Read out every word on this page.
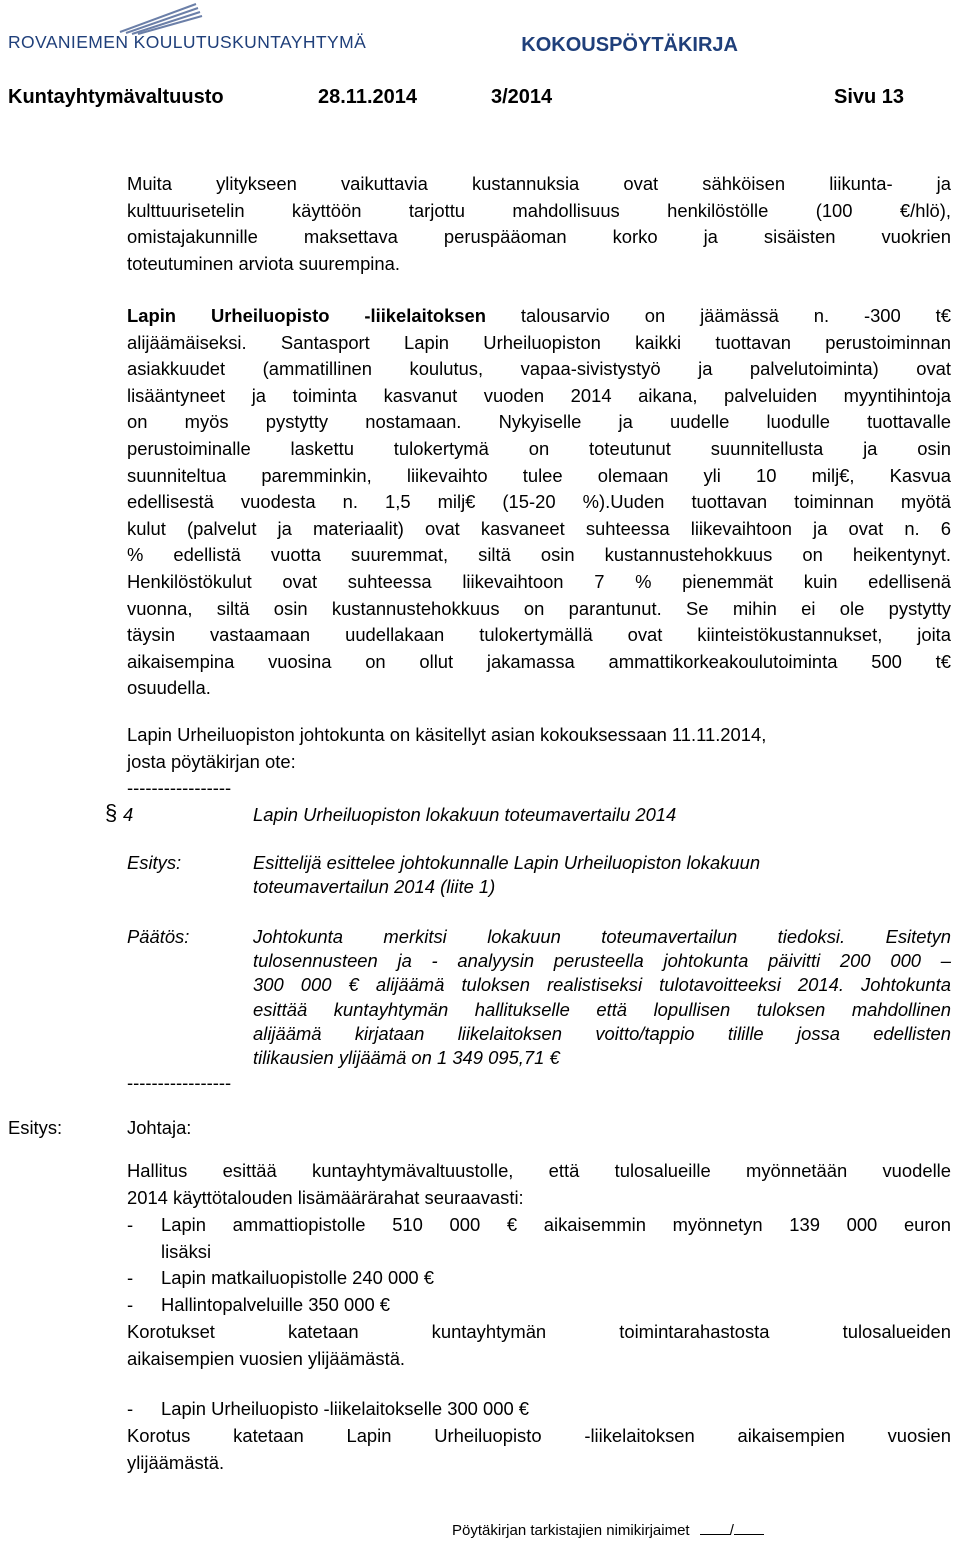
ROVANIEMEN KOULUTUSKUNTAYHTYMÄ	KOKOUSPÖYTÄKIRJA
Kuntayhtymävaltuusto	28.11.2014	3/2014	Sivu 13
Muita ylitykseen vaikuttavia kustannuksia ovat sähköisen liikunta- ja
kulttuurisetelin käyttöön tarjottu mahdollisuus henkilöstölle (100 €/hlö),
omistajakunnille maksettava peruspääoman korko ja sisäisten vuokrien
toteutuminen arviota suurempina.
Lapin Urheiluopisto -liikelaitoksen talousarvio on jäämässä n. -300 t€
alijäämäiseksi. Santasport Lapin Urheiluopiston kaikki tuottavan perustoiminnan
asiakkuudet (ammatillinen koulutus, vapaa-sivistystyö ja palvelutoiminta) ovat
lisääntyneet ja toiminta kasvanut vuoden 2014 aikana, palveluiden myyntihintoja
on myös pystytty nostamaan. Nykyiselle ja uudelle luodulle tuottavalle
perustoiminalle laskettu tulokertymä on toteutunut suunnitellusta ja osin
suunniteltua paremminkin, liikevaihto tulee olemaan yli 10 milj€, Kasvua
edellisestä vuodesta n. 1,5 milj€ (15-20 %).Uuden tuottavan toiminnan myötä
kulut (palvelut ja materiaalit) ovat kasvaneet suhteessa liikevaihtoon ja ovat n. 6
% edellistä vuotta suuremmat, siltä osin kustannustehokkuus on heikentynyt.
Henkilöstökulut ovat suhteessa liikevaihtoon 7 % pienemmät kuin edellisenä
vuonna, siltä osin kustannustehokkuus on parantunut. Se mihin ei ole pystytty
täysin vastaamaan uudellakaan tulokertymällä ovat kiinteistökustannukset, joita
aikaisempina vuosina on ollut jakamassa ammattikorkeakoulutoiminta 500 t€
osuudella.
Lapin Urheiluopiston johtokunta on käsitellyt asian kokouksessaan 11.11.2014,
josta pöytäkirjan ote:
-----------------
§ 4	Lapin Urheiluopiston lokakuun toteumavertailu 2014
Esitys:	Esittelijä esittelee johtokunnalle Lapin Urheiluopiston lokakuun
toteumavertailun 2014 (liite 1)
Päätös:	Johtokunta merkitsi lokakuun toteumavertailun tiedoksi. Esitetyn
tulosennusteen ja - analyysin perusteella johtokunta päivitti 200 000 –
300 000 € alijäämä tuloksen realistiseksi tulotavoitteeksi 2014. Johtokunta
esittää kuntayhtymän hallitukselle että lopullisen tuloksen mahdollinen
alijäämä kirjataan liikelaitoksen voitto/tappio tilille jossa edellisten
tilikausien ylijäämä on 1 349 095,71 €
-----------------
Esitys:	Johtaja:
Hallitus esittää kuntayhtymävaltuustolle, että tulosalueille myönnetään vuodelle
2014 käyttötalouden lisämäärärahat seuraavasti:
- Lapin ammattiopistolle 510 000 € aikaisemmin myönnetyn 139 000 euron
lisäksi
- Lapin matkailuopistolle 240 000 €
- Hallintopalveluille 350 000 €
Korotukset katetaan kuntayhtymän toimintarahastosta tulosalueiden
aikaisempien vuosien ylijäämästä.
- Lapin Urheiluopisto -liikelaitokselle 300 000 €
Korotus katetaan Lapin Urheiluopisto -liikelaitoksen aikaisempien vuosien
ylijäämästä.
Pöytäkirjan tarkistajien nimikirjaimet	/
